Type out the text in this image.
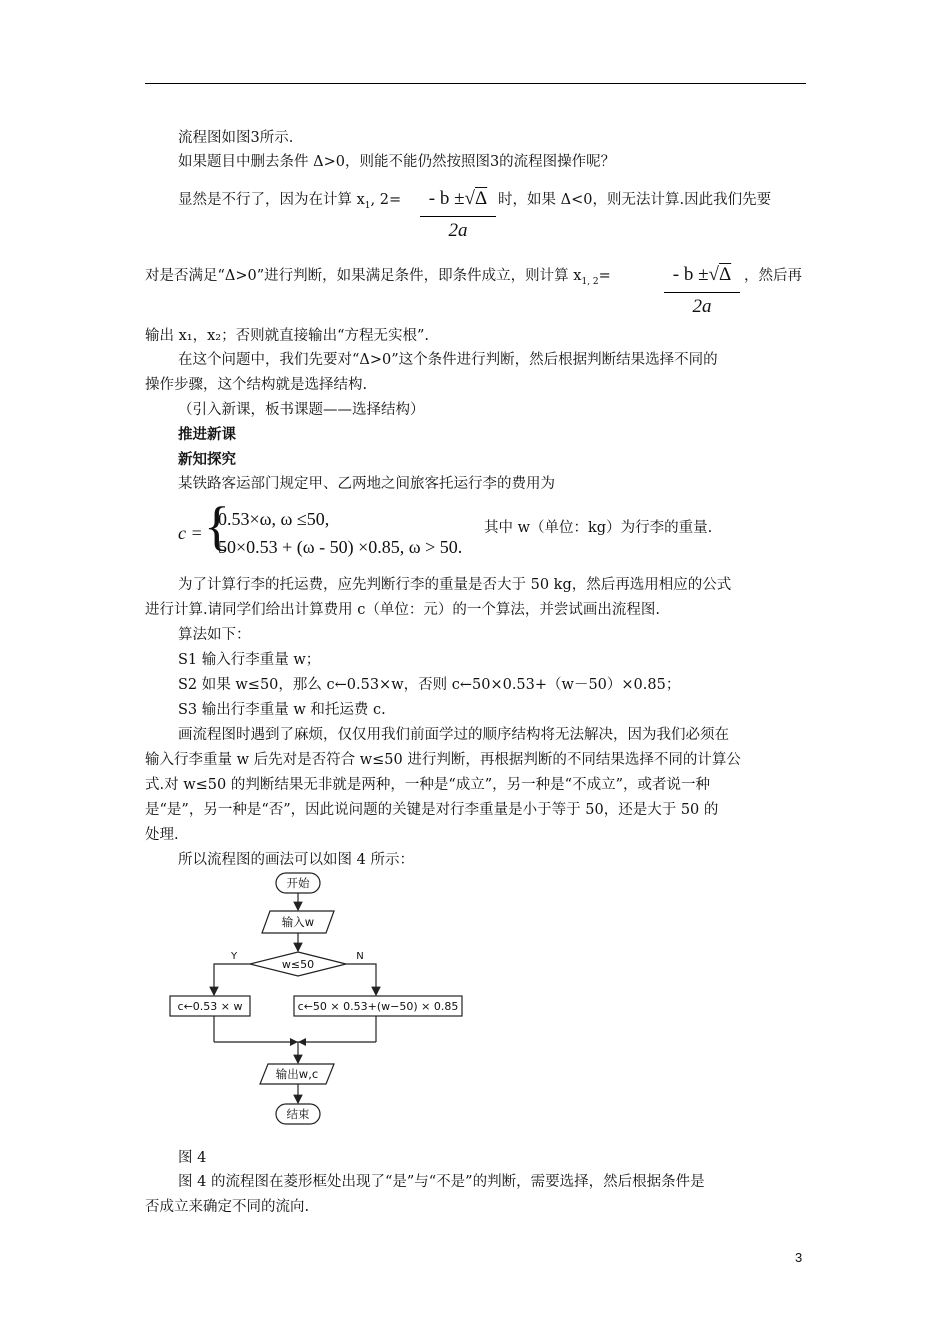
流程图如图3所示.
如果题目中删去条件 Δ>0，则能不能仍然按照图3的流程图操作呢？
显然是不行了，因为在计算 $x_1$, 2=	- b ±√Δ
2a
时，如果 Δ<0，则无法计算.因此我们先要
对是否满足“Δ>0”进行判断，如果满足条件，即条件成立，则计算 $x_{1, 2}=$	- b ±√Δ
2a
，然后再
输出 x₁，x₂；否则就直接输出“方程无实根”.
在这个问题中，我们先要对“Δ>0”这个条件进行判断，然后根据判断结果选择不同的
操作步骤，这个结构就是选择结构.
（引入新课，板书课题——选择结构）
推进新课
新知探究
某铁路客运部门规定甲、乙两地之间旅客托运行李的费用为
c = {
0.53×ω, ω ≤50,
50×0.53 + (ω - 50) ×0.85, ω > 50.
其中 w（单位：kg）为行李的重量.
为了计算行李的托运费，应先判断行李的重量是否大于 50 kg，然后再选用相应的公式
进行计算.请同学们给出计算费用 c（单位：元）的一个算法，并尝试画出流程图.
算法如下：
S1 输入行李重量 w；
S2 如果 w≤50，那么 c←0.53×w，否则 c←50×0.53+（w－50）×0.85；
S3 输出行李重量 w 和托运费 c.
画流程图时遇到了麻烦，仅仅用我们前面学过的顺序结构将无法解决，因为我们必须在
输入行李重量 w 后先对是否符合 w≤50 进行判断，再根据判断的不同结果选择不同的计算公
式.对 w≤50 的判断结果无非就是两种，一种是“成立”，另一种是“不成立”，或者说一种
是“是”，另一种是“否”，因此说问题的关键是对行李重量是小于等于 50，还是大于 50 的
处理.
所以流程图的画法可以如图 4 所示：
开始
输入w
w≤50
Y	N
c←0.53 × w	c←50 × 0.53+(w−50) × 0.85
输出w,c
结束
图 4
图 4 的流程图在菱形框处出现了“是”与“不是”的判断，需要选择，然后根据条件是
否成立来确定不同的流向.
3
